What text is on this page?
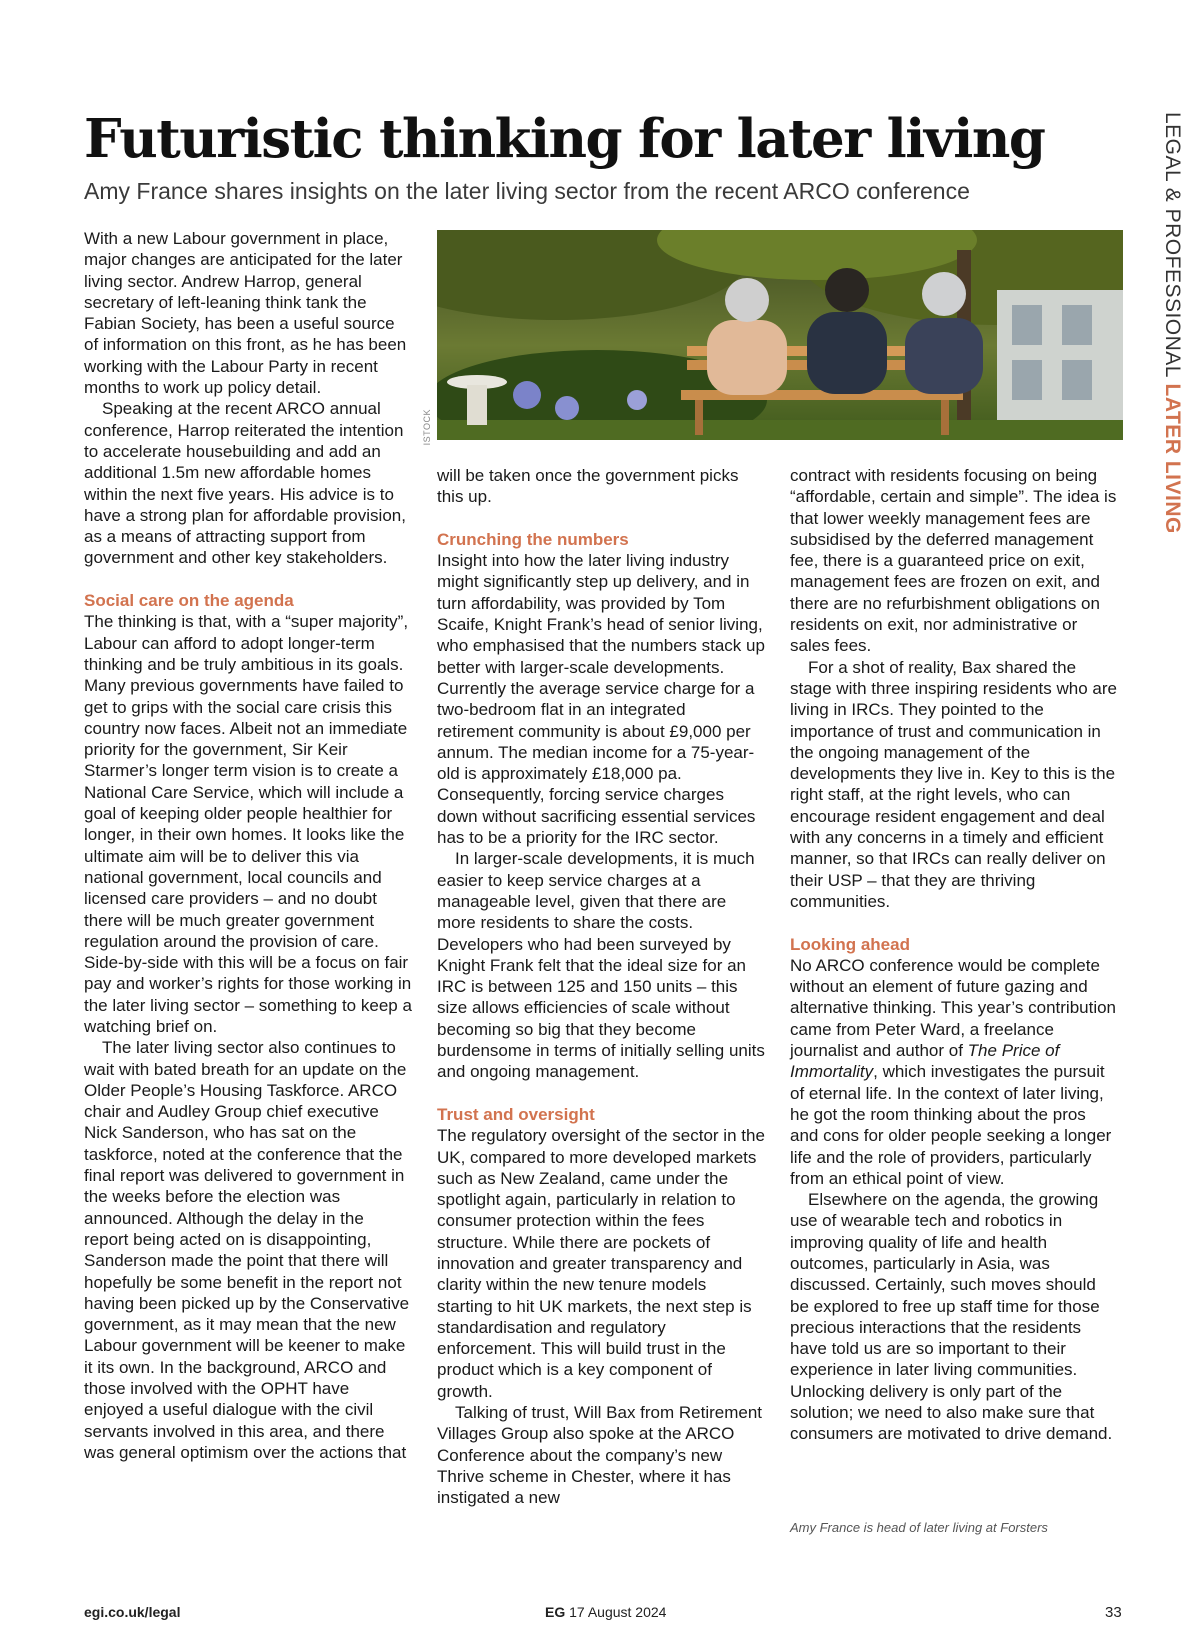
Futuristic thinking for later living
Amy France shares insights on the later living sector from the recent ARCO conference	LEGAL & PROFESSIONAL LATER LIVING
ISTOCK

With a new Labour government in place, major changes are anticipated for the later living sector. Andrew Harrop, general secretary of left-leaning think tank the Fabian Society, has been a useful source of information on this front, as he has been working with the Labour Party in recent months to work up policy detail.

Speaking at the recent ARCO annual conference, Harrop reiterated the intention to accelerate housebuilding and add an additional 1.5m new affordable homes within the next five years. His advice is to have a strong plan for affordable provision, as a means of attracting support from government and other key stakeholders.

Social care on the agenda

The thinking is that, with a “super majority”, Labour can afford to adopt longer-term thinking and be truly ambitious in its goals. Many previous governments have failed to get to grips with the social care crisis this country now faces. Albeit not an immediate priority for the government, Sir Keir Starmer’s longer term vision is to create a National Care Service, which will include a goal of keeping older people healthier for longer, in their own homes. It looks like the ultimate aim will be to deliver this via national government, local councils and licensed care providers – and no doubt there will be much greater government regulation around the provision of care. Side-by-side with this will be a focus on fair pay and worker’s rights for those working in the later living sector – something to keep a watching brief on.

The later living sector also continues to wait with bated breath for an update on the Older People’s Housing Taskforce. ARCO chair and Audley Group chief executive Nick Sanderson, who has sat on the taskforce, noted at the conference that the final report was delivered to government in the weeks before the election was announced. Although the delay in the report being acted on is disappointing, Sanderson made the point that there will hopefully be some benefit in the report not having been picked up by the Conservative government, as it may mean that the new Labour government will be keener to make it its own. In the background, ARCO and those involved with the OPHT have enjoyed a useful dialogue with the civil servants involved in this area, and there was general optimism over the actions that

will be taken once the government picks this up.

Crunching the numbers

Insight into how the later living industry might significantly step up delivery, and in turn affordability, was provided by Tom Scaife, Knight Frank’s head of senior living, who emphasised that the numbers stack up better with larger-scale developments. Currently the average service charge for a two-bedroom flat in an integrated retirement community is about £9,000 per annum. The median income for a 75-year-old is approximately £18,000 pa. Consequently, forcing service charges down without sacrificing essential services has to be a priority for the IRC sector.

In larger-scale developments, it is much easier to keep service charges at a manageable level, given that there are more residents to share the costs. Developers who had been surveyed by Knight Frank felt that the ideal size for an IRC is between 125 and 150 units – this size allows efficiencies of scale without becoming so big that they become burdensome in terms of initially selling units and ongoing management.

Trust and oversight

The regulatory oversight of the sector in the UK, compared to more developed markets such as New Zealand, came under the spotlight again, particularly in relation to consumer protection within the fees structure. While there are pockets of innovation and greater transparency and clarity within the new tenure models starting to hit UK markets, the next step is standardisation and regulatory enforcement. This will build trust in the product which is a key component of growth.

Talking of trust, Will Bax from Retirement Villages Group also spoke at the ARCO Conference about the company’s new Thrive scheme in Chester, where it has instigated a new

contract with residents focusing on being “affordable, certain and simple”. The idea is that lower weekly management fees are subsidised by the deferred management fee, there is a guaranteed price on exit, management fees are frozen on exit, and there are no refurbishment obligations on residents on exit, nor administrative or sales fees.

For a shot of reality, Bax shared the stage with three inspiring residents who are living in IRCs. They pointed to the importance of trust and communication in the ongoing management of the developments they live in. Key to this is the right staff, at the right levels, who can encourage resident engagement and deal with any concerns in a timely and efficient manner, so that IRCs can really deliver on their USP – that they are thriving communities.

Looking ahead

No ARCO conference would be complete without an element of future gazing and alternative thinking. This year’s contribution came from Peter Ward, a freelance journalist and author of The Price of Immortality, which investigates the pursuit of eternal life. In the context of later living, he got the room thinking about the pros and cons for older people seeking a longer life and the role of providers, particularly from an ethical point of view.

Elsewhere on the agenda, the growing use of wearable tech and robotics in improving quality of life and health outcomes, particularly in Asia, was discussed. Certainly, such moves should be explored to free up staff time for those precious interactions that the residents have told us are so important to their experience in later living communities. Unlocking delivery is only part of the solution; we need to also make sure that consumers are motivated to drive demand.

Amy France is head of later living at Forsters
egi.co.uk/legal	EG 17 August 2024	33
